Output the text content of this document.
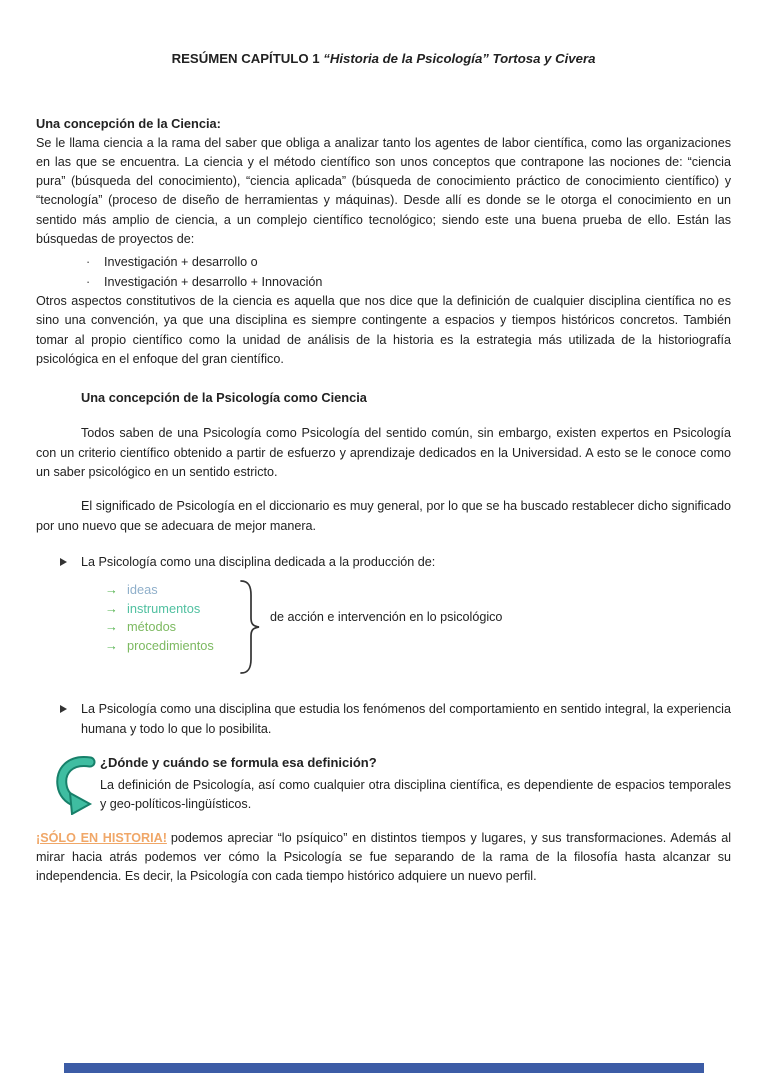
RESÚMEN CAPÍTULO 1 “Historia de la Psicología” Tortosa y Civera
Una concepción de la Ciencia:

Se le llama ciencia a la rama del saber que obliga a analizar tanto los agentes de labor científica, como las organizaciones en las que se encuentra. La ciencia y el método científico son unos conceptos que contrapone las nociones de: “ciencia pura” (búsqueda del conocimiento), “ciencia aplicada” (búsqueda de conocimiento práctico de conocimiento científico) y “tecnología” (proceso de diseño de herramientas y máquinas). Desde allí es donde se le otorga el conocimiento en un sentido más amplio de ciencia, a un complejo científico tecnológico; siendo este una buena prueba de ello. Están las búsquedas de proyectos de:

· Investigación + desarrollo o
· Investigación + desarrollo + Innovación

Otros aspectos constitutivos de la ciencia es aquella que nos dice que la definición de cualquier disciplina científica no es sino una convención, ya que una disciplina es siempre contingente a espacios y tiempos históricos concretos. También tomar al propio científico como la unidad de análisis de la historia es la estrategia más utilizada de la historiografía psicológica en el enfoque del gran científico.

Una concepción de la Psicología como Ciencia

Todos saben de una Psicología como Psicología del sentido común, sin embargo, existen expertos en Psicología con un criterio científico obtenido a partir de esfuerzo y aprendizaje dedicados en la Universidad. A esto se le conoce como un saber psicológico en un sentido estricto.

El significado de Psicología en el diccionario es muy general, por lo que se ha buscado restablecer dicho significado por uno nuevo que se adecuara de mejor manera.

La Psicología como una disciplina dedicada a la producción de:
→ ideas
→ instrumentos
→ métodos
→ procedimientos
de acción e intervención en lo psicológico
La Psicología como una disciplina que estudia los fenómenos del comportamiento en sentido integral, la experiencia humana y todo lo que lo posibilita.
¿Dónde y cuándo se formula esa definición?

La definición de Psicología, así como cualquier otra disciplina científica, es dependiente de espacios temporales y geo-políticos-lingüísticos.

¡SÓLO EN HISTORIA! podemos apreciar “lo psíquico” en distintos tiempos y lugares, y sus transformaciones. Además al mirar hacia atrás podemos ver cómo la Psicología se fue separando de la rama de la filosofía hasta alcanzar su independencia. Es decir, la Psicología con cada tiempo histórico adquiere un nuevo perfil.
